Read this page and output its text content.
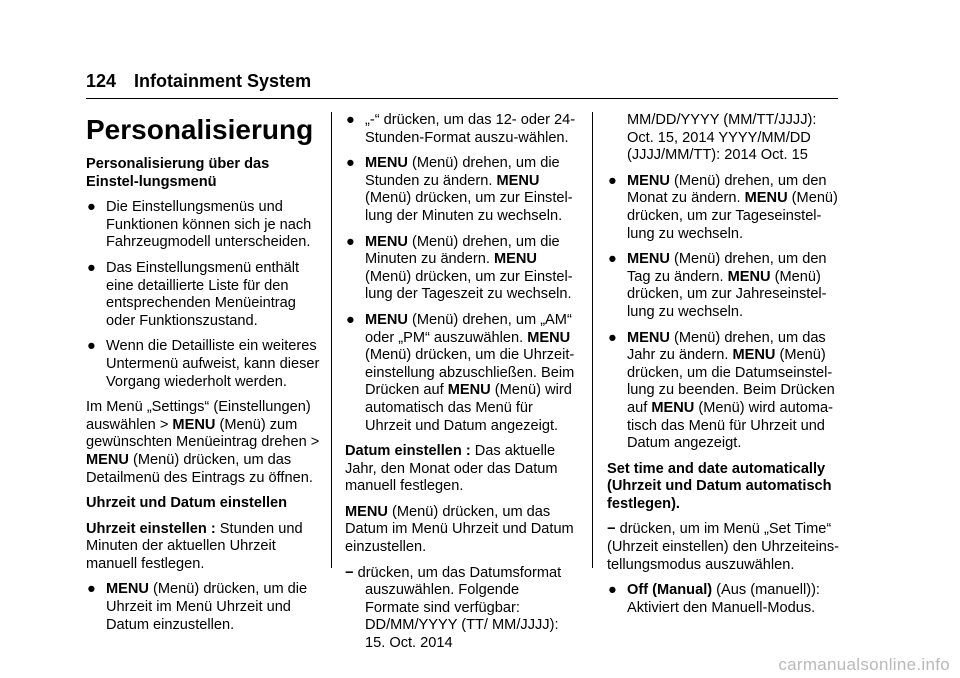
124 Infotainment System
Personalisierung
Personalisierung über das Einstel-lungsmenü
● Die Einstellungsmenüs und Funktionen können sich je nach Fahrzeugmodell unterscheiden.
● Das Einstellungsmenü enthält eine detaillierte Liste für den entsprechenden Menüeintrag oder Funktionszustand.
● Wenn die Detailliste ein weiteres Untermenü aufweist, kann dieser Vorgang wiederholt werden.

Im Menü „Settings“ (Einstellungen) auswählen > MENU (Menü) zum gewünschten Menüeintrag drehen > MENU (Menü) drücken, um das Detailmenü des Eintrags zu öffnen.

Uhrzeit und Datum einstellen

Uhrzeit einstellen : Stunden und Minuten der aktuellen Uhrzeit manuell festlegen.

● MENU (Menü) drücken, um die Uhrzeit im Menü Uhrzeit und Datum einzustellen.
● „-“ drücken, um das 12- oder 24-Stunden-Format auszu-wählen.
● MENU (Menü) drehen, um die Stunden zu ändern. MENU (Menü) drücken, um zur Einstel-lung der Minuten zu wechseln.
● MENU (Menü) drehen, um die Minuten zu ändern. MENU (Menü) drücken, um zur Einstel-lung der Tageszeit zu wechseln.
● MENU (Menü) drehen, um „AM“ oder „PM“ auszuwählen. MENU (Menü) drücken, um die Uhrzeit-einstellung abzuschließen. Beim Drücken auf MENU (Menü) wird automatisch das Menü für Uhrzeit und Datum angezeigt.

Datum einstellen : Das aktuelle Jahr, den Monat oder das Datum manuell festlegen.

MENU (Menü) drücken, um das Datum im Menü Uhrzeit und Datum einzustellen.

− drücken, um das Datumsformat auszuwählen. Folgende Formate sind verfügbar: DD/MM/YYYY (TT/ MM/JJJJ): 15. Oct. 2014

MM/DD/YYYY (MM/TT/JJJJ): Oct. 15, 2014 YYYY/MM/DD (JJJJ/MM/TT): 2014 Oct. 15

● MENU (Menü) drehen, um den Monat zu ändern. MENU (Menü) drücken, um zur Tageseinstel-lung zu wechseln.
● MENU (Menü) drehen, um den Tag zu ändern. MENU (Menü) drücken, um zur Jahreseinstel-lung zu wechseln.
● MENU (Menü) drehen, um das Jahr zu ändern. MENU (Menü) drücken, um die Datumseinstel-lung zu beenden. Beim Drücken auf MENU (Menü) wird automa-tisch das Menü für Uhrzeit und Datum angezeigt.
Set time and date automatically (Uhrzeit und Datum automatisch festlegen).

− drücken, um im Menü „Set Time“ (Uhrzeit einstellen) den Uhrzeiteins-tellungsmodus auszuwählen.

● Off (Manual) (Aus (manuell)): Aktiviert den Manuell-Modus.
carmanualsonline.info
